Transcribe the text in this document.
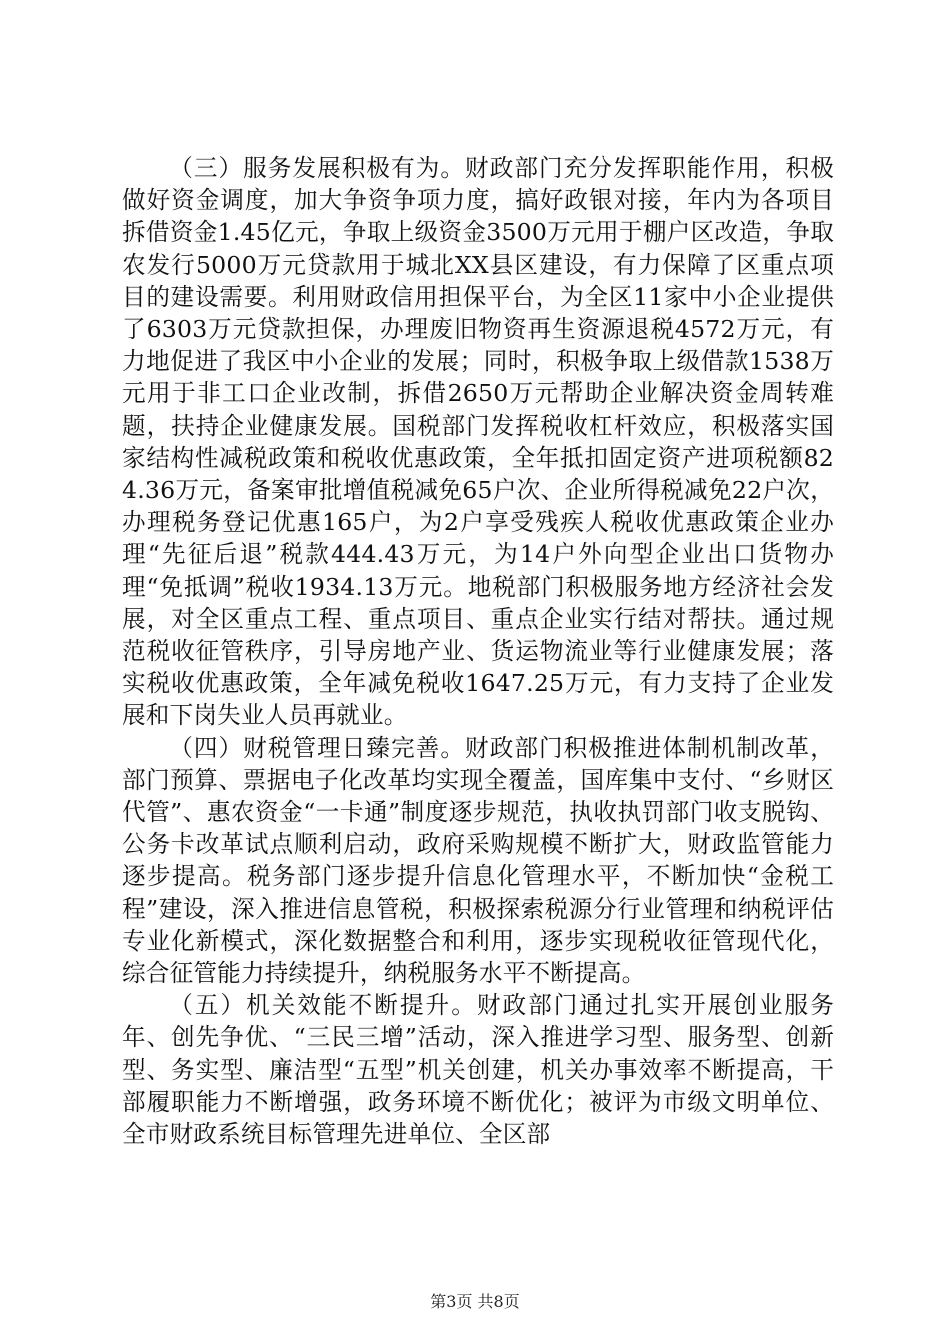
（三）服务发展积极有为。财政部门充分发挥职能作用，积极做好资金调度，加大争资争项力度，搞好政银对接，年内为各项目拆借资金1.45亿元，争取上级资金3500万元用于棚户区改造，争取农发行5000万元贷款用于城北XX县区建设，有力保障了区重点项目的建设需要。利用财政信用担保平台，为全区11家中小企业提供了6303万元贷款担保，办理废旧物资再生资源退税4572万元，有力地促进了我区中小企业的发展；同时，积极争取上级借款1538万元用于非工口企业改制，拆借2650万元帮助企业解决资金周转难题，扶持企业健康发展。国税部门发挥税收杠杆效应，积极落实国家结构性减税政策和税收优惠政策，全年抵扣固定资产进项税额824.36万元，备案审批增值税减免65户次、企业所得税减免22户次，办理税务登记优惠165户，为2户享受残疾人税收优惠政策企业办理“先征后退”税款444.43万元，为14户外向型企业出口货物办理“免抵调”税收1934.13万元。地税部门积极服务地方经济社会发展，对全区重点工程、重点项目、重点企业实行结对帮扶。通过规范税收征管秩序，引导房地产业、货运物流业等行业健康发展；落实税收优惠政策，全年减免税收1647.25万元，有力支持了企业发展和下岗失业人员再就业。

（四）财税管理日臻完善。财政部门积极推进体制机制改革，部门预算、票据电子化改革均实现全覆盖，国库集中支付、“乡财区代管”、惠农资金“一卡通”制度逐步规范，执收执罚部门收支脱钩、公务卡改革试点顺利启动，政府采购规模不断扩大，财政监管能力逐步提高。税务部门逐步提升信息化管理水平，不断加快“金税工程”建设，深入推进信息管税，积极探索税源分行业管理和纳税评估专业化新模式，深化数据整合和利用，逐步实现税收征管现代化，综合征管能力持续提升，纳税服务水平不断提高。

（五）机关效能不断提升。财政部门通过扎实开展创业服务年、创先争优、“三民三增”活动，深入推进学习型、服务型、创新型、务实型、廉洁型“五型”机关创建，机关办事效率不断提高，干部履职能力不断增强，政务环境不断优化；被评为市级文明单位、全市财政系统目标管理先进单位、全区部

第3页 共8页
